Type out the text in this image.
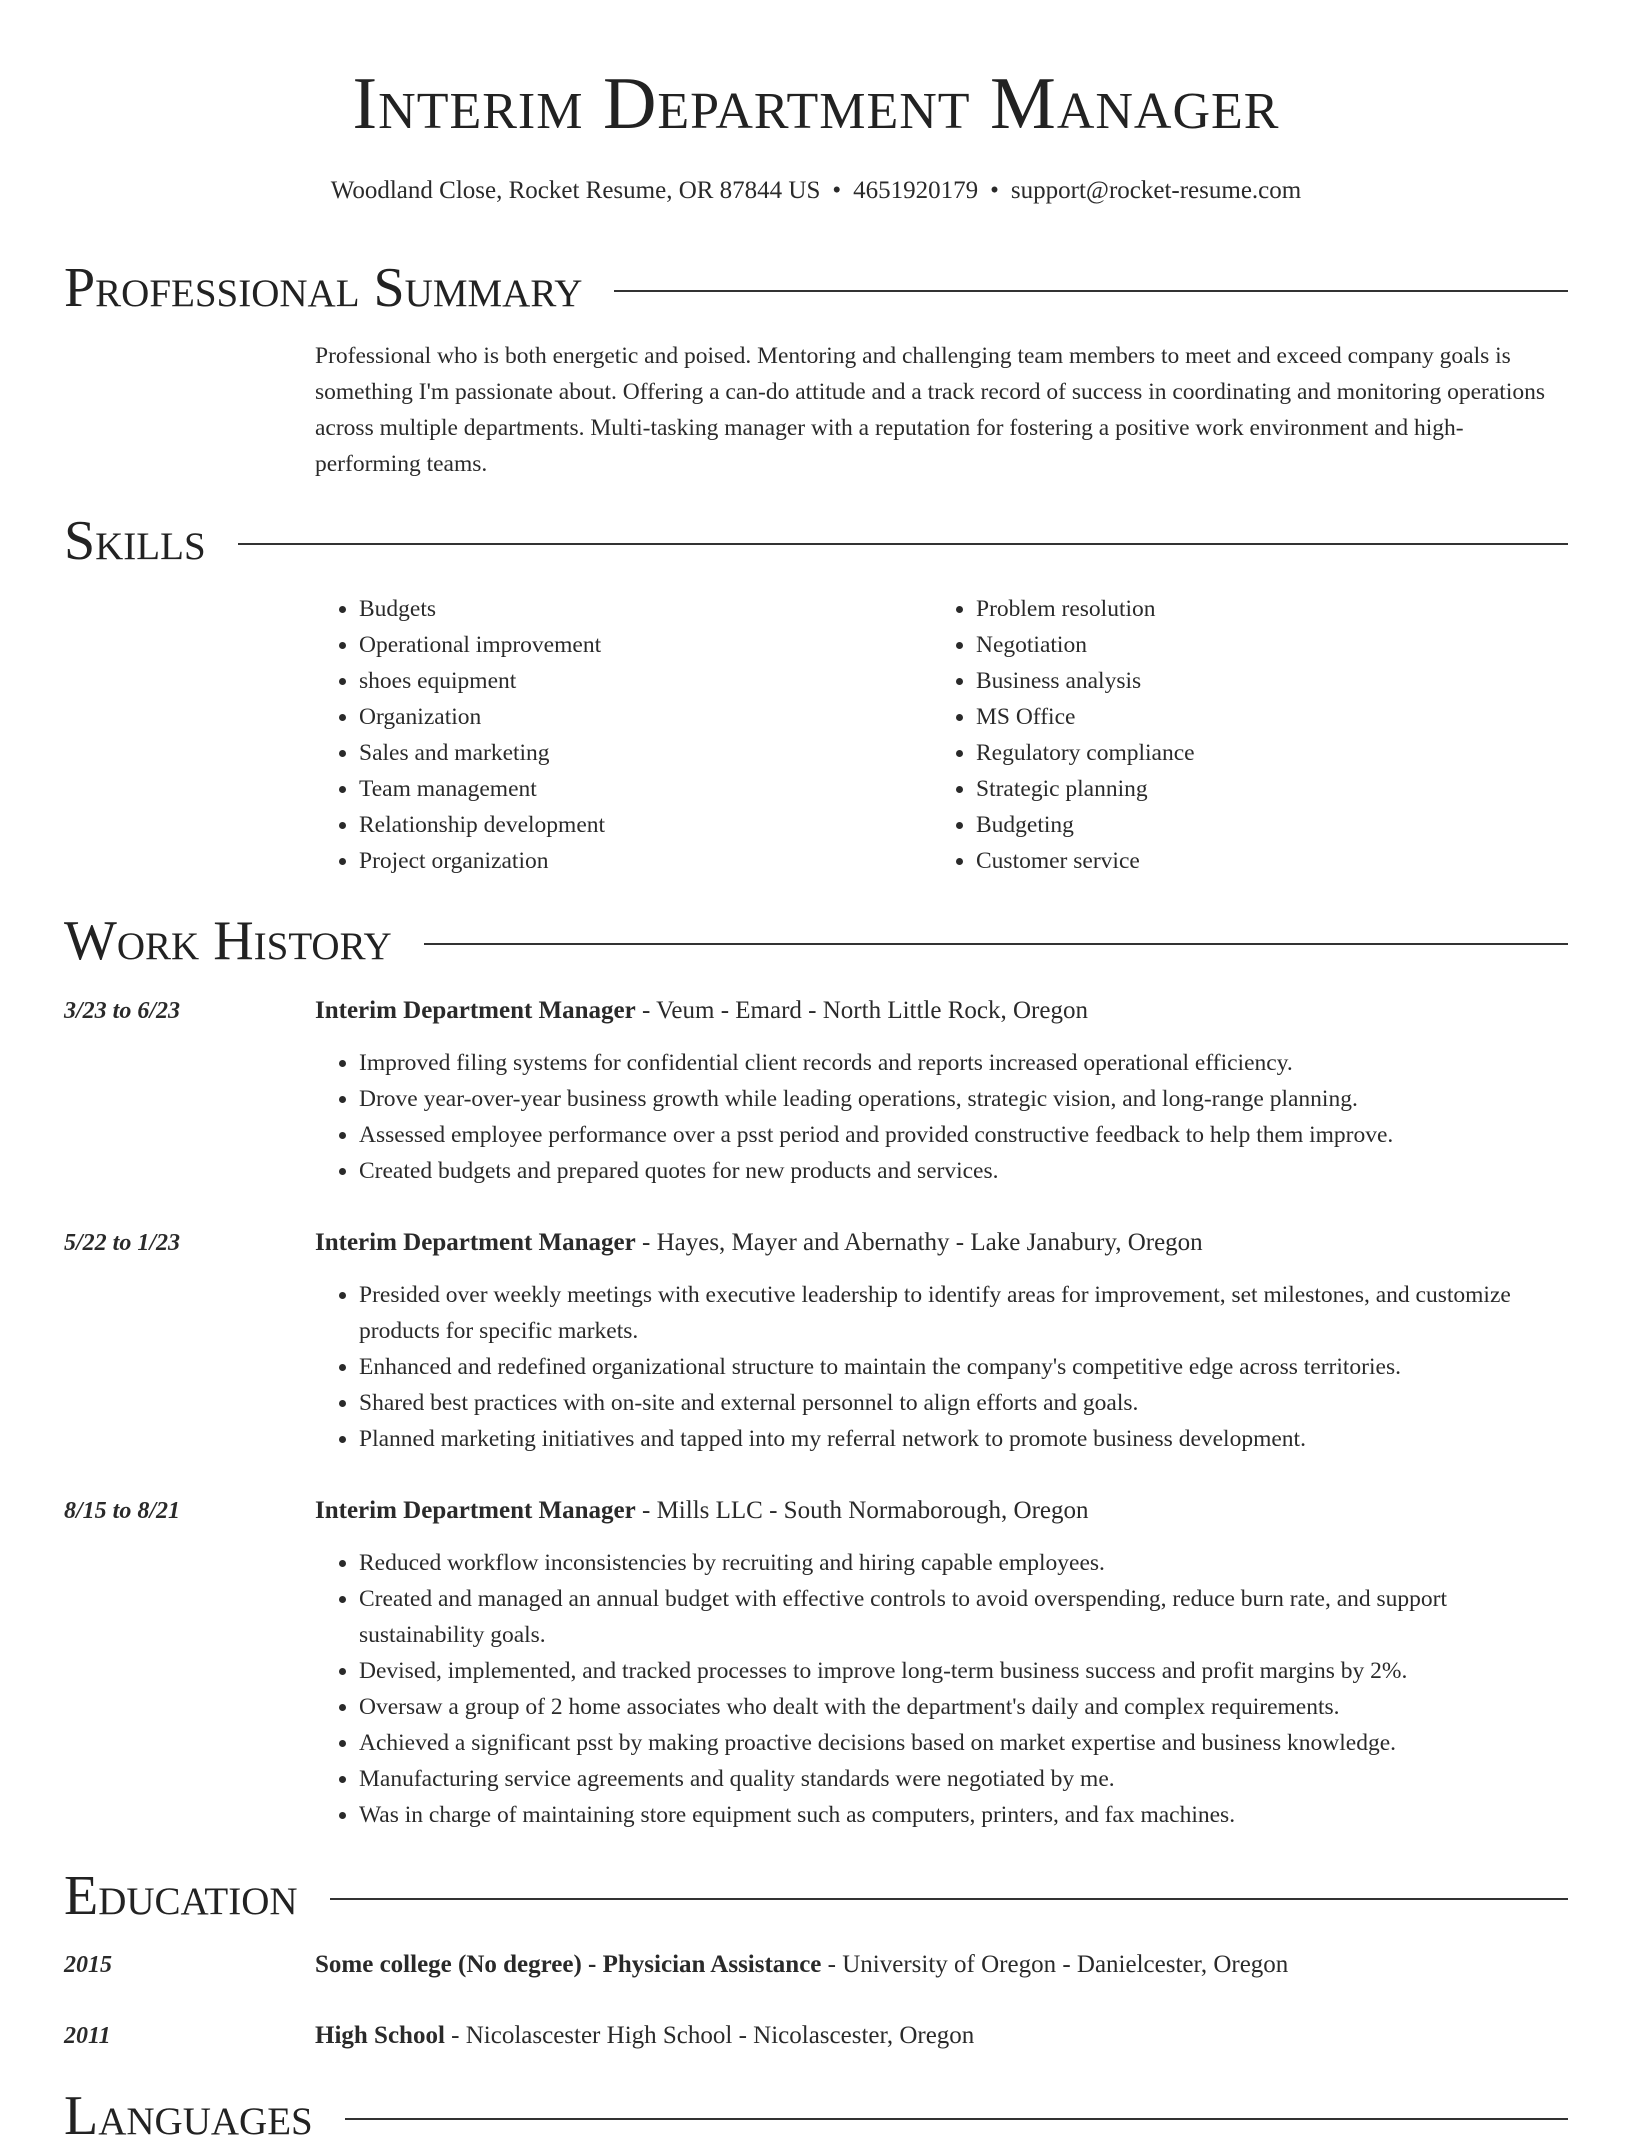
Interim Department Manager
Woodland Close, Rocket Resume, OR 87844 US • 4651920179 • support@rocket-resume.com
Professional Summary
Professional who is both energetic and poised. Mentoring and challenging team members to meet and exceed company goals is something I'm passionate about. Offering a can-do attitude and a track record of success in coordinating and monitoring operations across multiple departments. Multi-tasking manager with a reputation for fostering a positive work environment and high-performing teams.
Skills
• Budgets
• Operational improvement
• shoes equipment
• Organization
• Sales and marketing
• Team management
• Relationship development
• Project organization
• Problem resolution
• Negotiation
• Business analysis
• MS Office
• Regulatory compliance
• Strategic planning
• Budgeting
• Customer service
Work History
3/23 to 6/23	Interim Department Manager - Veum - Emard - North Little Rock, Oregon
• Improved filing systems for confidential client records and reports increased operational efficiency.
• Drove year-over-year business growth while leading operations, strategic vision, and long-range planning.
• Assessed employee performance over a psst period and provided constructive feedback to help them improve.
• Created budgets and prepared quotes for new products and services.
5/22 to 1/23	Interim Department Manager - Hayes, Mayer and Abernathy - Lake Janabury, Oregon
• Presided over weekly meetings with executive leadership to identify areas for improvement, set milestones, and customize products for specific markets.
• Enhanced and redefined organizational structure to maintain the company's competitive edge across territories.
• Shared best practices with on-site and external personnel to align efforts and goals.
• Planned marketing initiatives and tapped into my referral network to promote business development.
8/15 to 8/21	Interim Department Manager - Mills LLC - South Normaborough, Oregon
• Reduced workflow inconsistencies by recruiting and hiring capable employees.
• Created and managed an annual budget with effective controls to avoid overspending, reduce burn rate, and support sustainability goals.
• Devised, implemented, and tracked processes to improve long-term business success and profit margins by 2%.
• Oversaw a group of 2 home associates who dealt with the department's daily and complex requirements.
• Achieved a significant psst by making proactive decisions based on market expertise and business knowledge.
• Manufacturing service agreements and quality standards were negotiated by me.
• Was in charge of maintaining store equipment such as computers, printers, and fax machines.
Education
2015	Some college (No degree) - Physician Assistance - University of Oregon - Danielcester, Oregon
2011	High School - Nicolascester High School - Nicolascester, Oregon
Languages
